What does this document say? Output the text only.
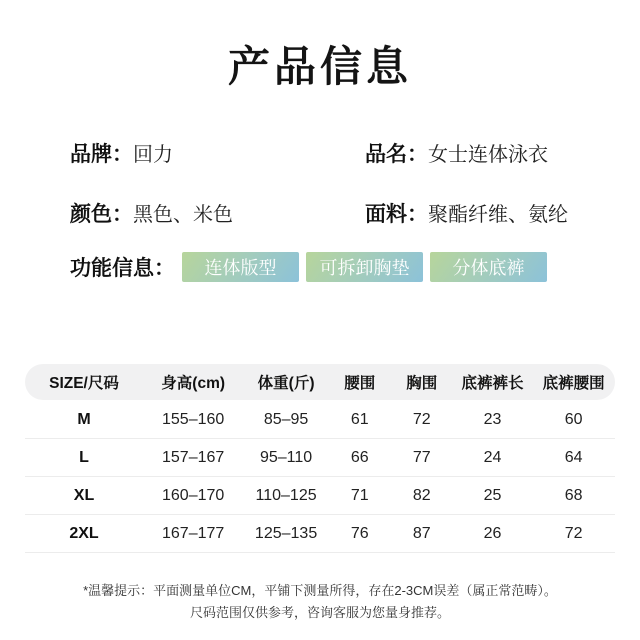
产品信息
品牌： 回力	品名： 女士连体泳衣
颜色： 黑色、米色	面料： 聚酯纤维、氨纶
功能信息：	连体版型	可拆卸胸垫	分体底裤
SIZE/尺码	身高(cm)	体重(斤)	腰围	胸围	底裤裤长	底裤腰围
M	155–160	85–95	61	72	23	60
L	157–167	95–110	66	77	24	64
XL	160–170	110–125	71	82	25	68
2XL	167–177	125–135	76	87	26	72

*温馨提示：平面测量单位CM，平铺下测量所得，存在2-3CM误差（属正常范畴）。

尺码范围仅供参考，咨询客服为您量身推荐。
